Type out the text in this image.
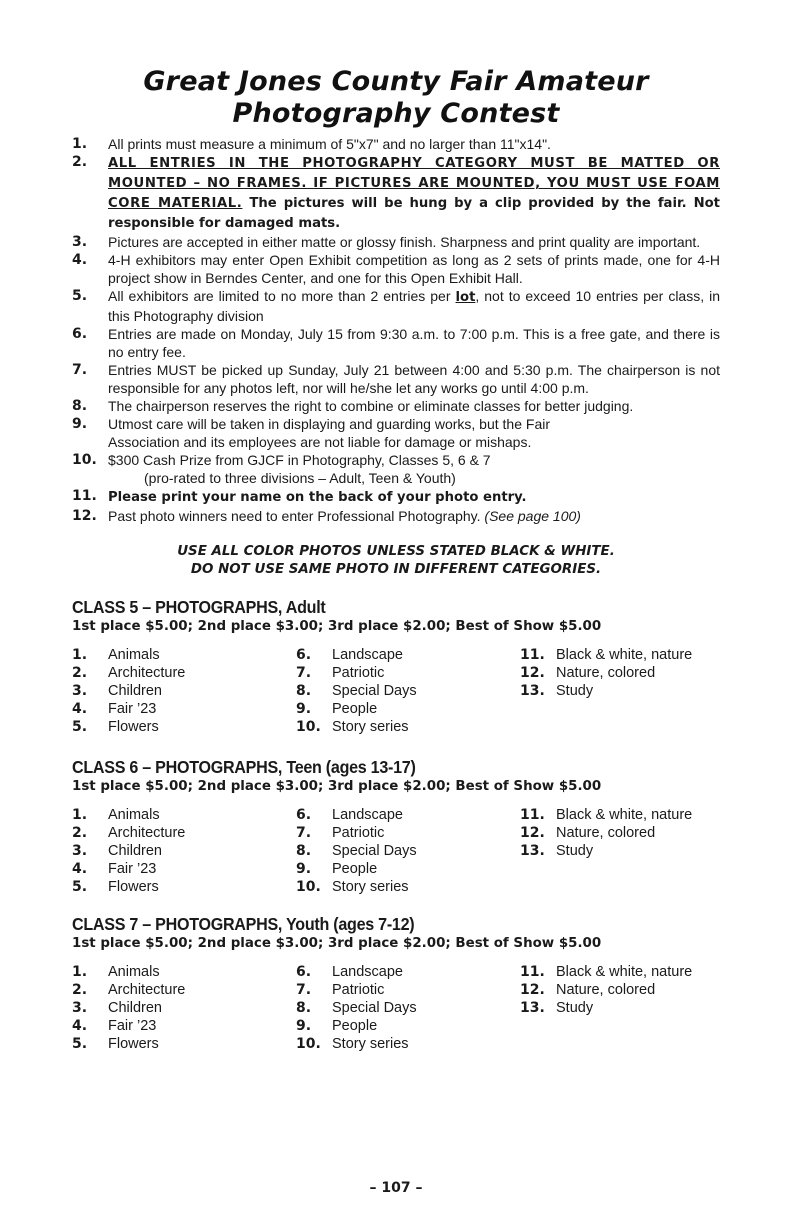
Great Jones County Fair Amateur
Photography Contest
1. All prints must measure a minimum of 5"x7" and no larger than 11"x14".
2. ALL ENTRIES IN THE PHOTOGRAPHY CATEGORY MUST BE MATTED OR MOUNTED – NO FRAMES. IF PICTURES ARE MOUNTED, YOU MUST USE FOAM CORE MATERIAL. The pictures will be hung by a clip provided by the fair. Not responsible for damaged mats.
3. Pictures are accepted in either matte or glossy finish. Sharpness and print quality are important.
4. 4-H exhibitors may enter Open Exhibit competition as long as 2 sets of prints made, one for 4-H project show in Berndes Center, and one for this Open Exhibit Hall.
5. All exhibitors are limited to no more than 2 entries per lot, not to exceed 10 entries per class, in this Photography division
6. Entries are made on Monday, July 15 from 9:30 a.m. to 7:00 p.m. This is a free gate, and there is no entry fee.
7. Entries MUST be picked up Sunday, July 21 between 4:00 and 5:30 p.m. The chairperson is not responsible for any photos left, nor will he/she let any works go until 4:00 p.m.
8. The chairperson reserves the right to combine or eliminate classes for better judging.
9. Utmost care will be taken in displaying and guarding works, but the Fair
Association and its employees are not liable for damage or mishaps.
10. $300 Cash Prize from GJCF in Photography, Classes 5, 6 & 7
(pro-rated to three divisions – Adult, Teen & Youth)
11. Please print your name on the back of your photo entry.
12. Past photo winners need to enter Professional Photography. (See page 100)
USE ALL COLOR PHOTOS UNLESS STATED BLACK & WHITE.
DO NOT USE SAME PHOTO IN DIFFERENT CATEGORIES.
CLASS 5 – PHOTOGRAPHS, Adult
1st place $5.00; 2nd place $3.00; 3rd place $2.00; Best of Show $5.00
1. Animals
2. Architecture
3. Children
4. Fair ’23
5. Flowers
6. Landscape
7. Patriotic
8. Special Days
9. People
10. Story series
11. Black & white, nature
12. Nature, colored
13. Study
CLASS 6 – PHOTOGRAPHS, Teen (ages 13-17)
1st place $5.00; 2nd place $3.00; 3rd place $2.00; Best of Show $5.00
1. Animals
2. Architecture
3. Children
4. Fair ’23
5. Flowers
6. Landscape
7. Patriotic
8. Special Days
9. People
10. Story series
11. Black & white, nature
12. Nature, colored
13. Study
CLASS 7 – PHOTOGRAPHS, Youth (ages 7-12)
1st place $5.00; 2nd place $3.00; 3rd place $2.00; Best of Show $5.00
1. Animals
2. Architecture
3. Children
4. Fair ’23
5. Flowers
6. Landscape
7. Patriotic
8. Special Days
9. People
10. Story series
11. Black & white, nature
12. Nature, colored
13. Study
– 107 –
